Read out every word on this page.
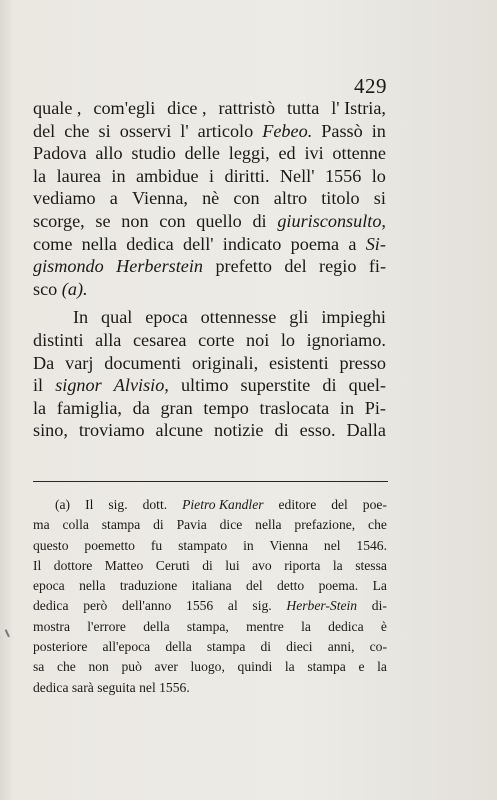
429
quale , com'egli dice , rattristò tutta l' Istria,
del che si osservi l' articolo Febeo. Passò in
Padova allo studio delle leggi, ed ivi ottenne
la laurea in ambidue i diritti. Nell' 1556 lo
vediamo a Vienna, nè con altro titolo si
scorge, se non con quello di giurisconsulto,
come nella dedica dell' indicato poema a Si-
gismondo Herberstein prefetto del regio fi-
sco
(a).
In qual epoca ottennesse gli impieghi
distinti alla cesarea corte noi lo ignoriamo.
Da varj documenti originali, esistenti presso
il signor Alvisio, ultimo superstite di quel-
la famiglia, da gran tempo traslocata in Pi-
sino, troviamo alcune notizie di esso. Dalla
(a) Il sig. dott. Pietro Kandler editore del poe-
ma colla stampa di Pavia dice nella prefazione, che
questo poemetto fu stampato in Vienna nel 1546.
Il dottore Matteo Ceruti di lui avo riporta la stessa
epoca nella traduzione italiana del detto poema. La
dedica però dell'anno 1556 al sig. Herber-Stein di-
mostra l'errore della stampa, mentre la dedica è
posteriore all'epoca della stampa di dieci anni, co-
sa che non può aver luogo, quindi la stampa e la
dedica
sarà
seguita
nel
1556.
